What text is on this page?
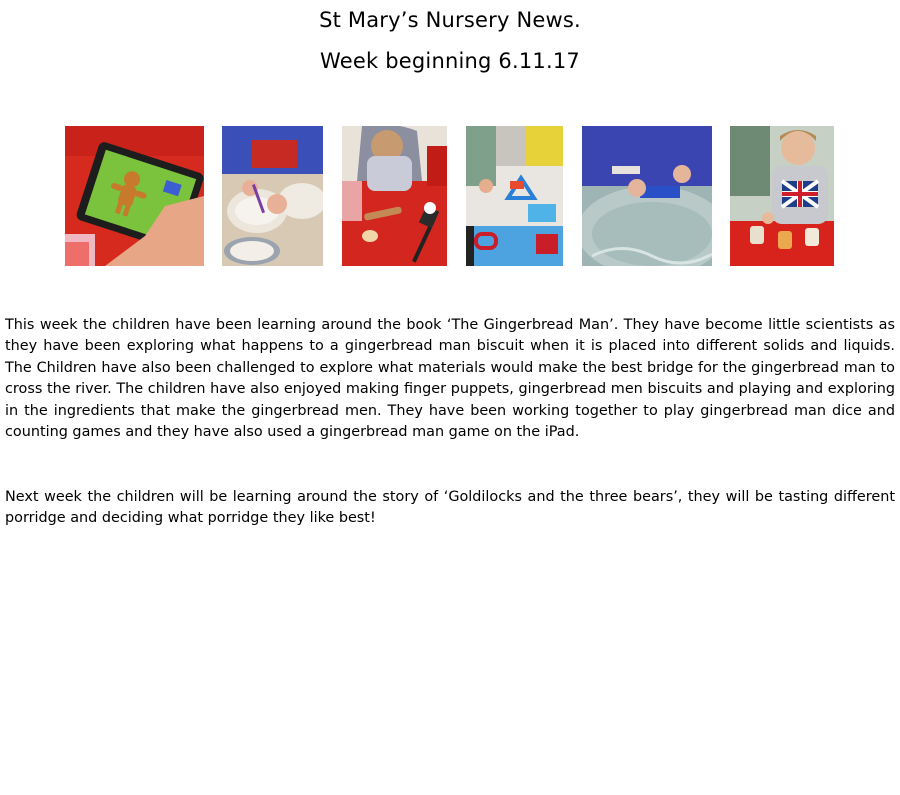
St Mary’s Nursery News.
Week beginning 6.11.17
This week the children have been learning around the book ‘The Gingerbread Man’. They have become little scientists as they have been exploring what happens to a gingerbread man biscuit when it is placed into different solids and liquids. The Children have also been challenged to explore what materials would make the best bridge for the gingerbread man to cross the river. The children have also enjoyed making finger puppets, gingerbread men biscuits and playing and exploring in the ingredients that make the gingerbread men. They have been working together to play gingerbread man dice and counting games and they have also used a gingerbread man game on the iPad.
Next week the children will be learning around the story of ‘Goldilocks and the three bears’, they will be tasting different porridge and deciding what porridge they like best!
